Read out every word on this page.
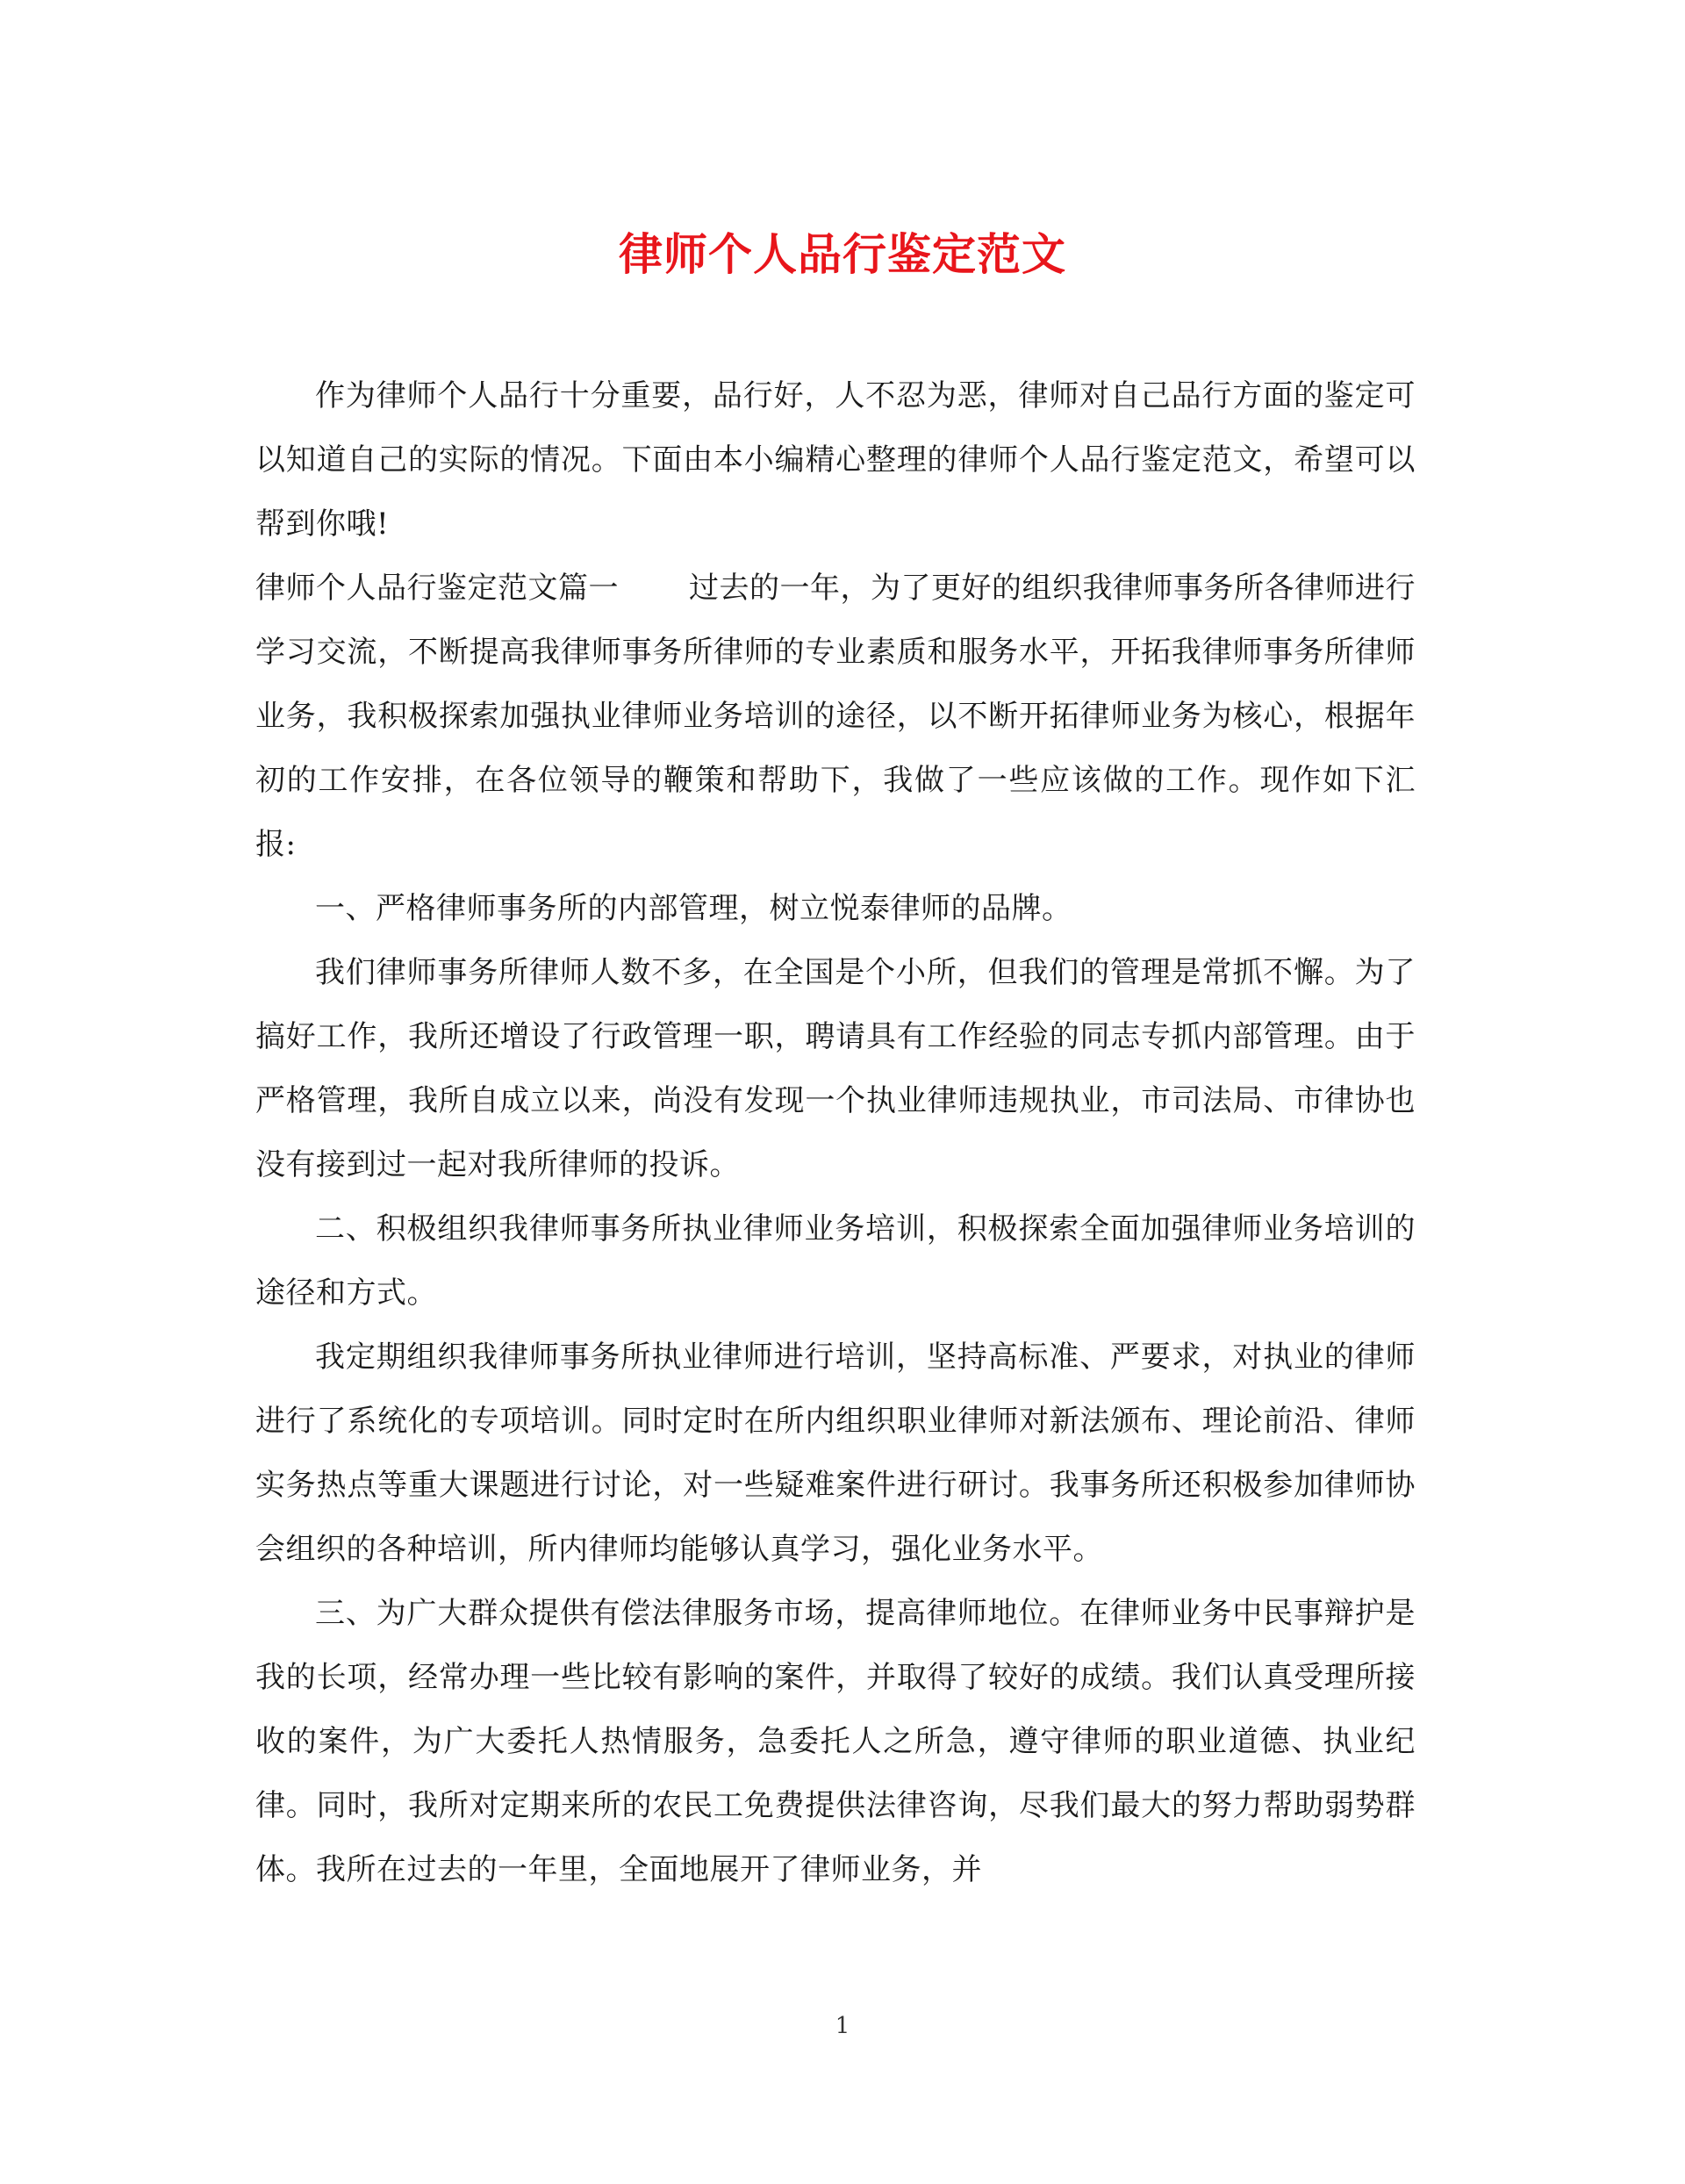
律师个人品行鉴定范文

作为律师个人品行十分重要，品行好，人不忍为恶，律师对自己品行方面的鉴定可以知道自己的实际的情况。下面由本小编精心整理的律师个人品行鉴定范文，希望可以帮到你哦!

律师个人品行鉴定范文篇一 过去的一年，为了更好的组织我律师事务所各律师进行学习交流，不断提高我律师事务所律师的专业素质和服务水平，开拓我律师事务所律师业务，我积极探索加强执业律师业务培训的途径，以不断开拓律师业务为核心，根据年初的工作安排，在各位领导的鞭策和帮助下，我做了一些应该做的工作。现作如下汇报:

一、严格律师事务所的内部管理，树立悦泰律师的品牌。

我们律师事务所律师人数不多，在全国是个小所，但我们的管理是常抓不懈。为了搞好工作，我所还增设了行政管理一职，聘请具有工作经验的同志专抓内部管理。由于严格管理，我所自成立以来，尚没有发现一个执业律师违规执业，市司法局、市律协也没有接到过一起对我所律师的投诉。

二、积极组织我律师事务所执业律师业务培训，积极探索全面加强律师业务培训的途径和方式。

我定期组织我律师事务所执业律师进行培训，坚持高标准、严要求，对执业的律师进行了系统化的专项培训。同时定时在所内组织职业律师对新法颁布、理论前沿、律师实务热点等重大课题进行讨论，对一些疑难案件进行研讨。我事务所还积极参加律师协会组织的各种培训，所内律师均能够认真学习，强化业务水平。

三、为广大群众提供有偿法律服务市场，提高律师地位。在律师业务中民事辩护是我的长项，经常办理一些比较有影响的案件，并取得了较好的成绩。我们认真受理所接收的案件，为广大委托人热情服务，急委托人之所急，遵守律师的职业道德、执业纪律。同时，我所对定期来所的农民工免费提供法律咨询，尽我们最大的努力帮助弱势群体。我所在过去的一年里，全面地展开了律师业务，并

1
